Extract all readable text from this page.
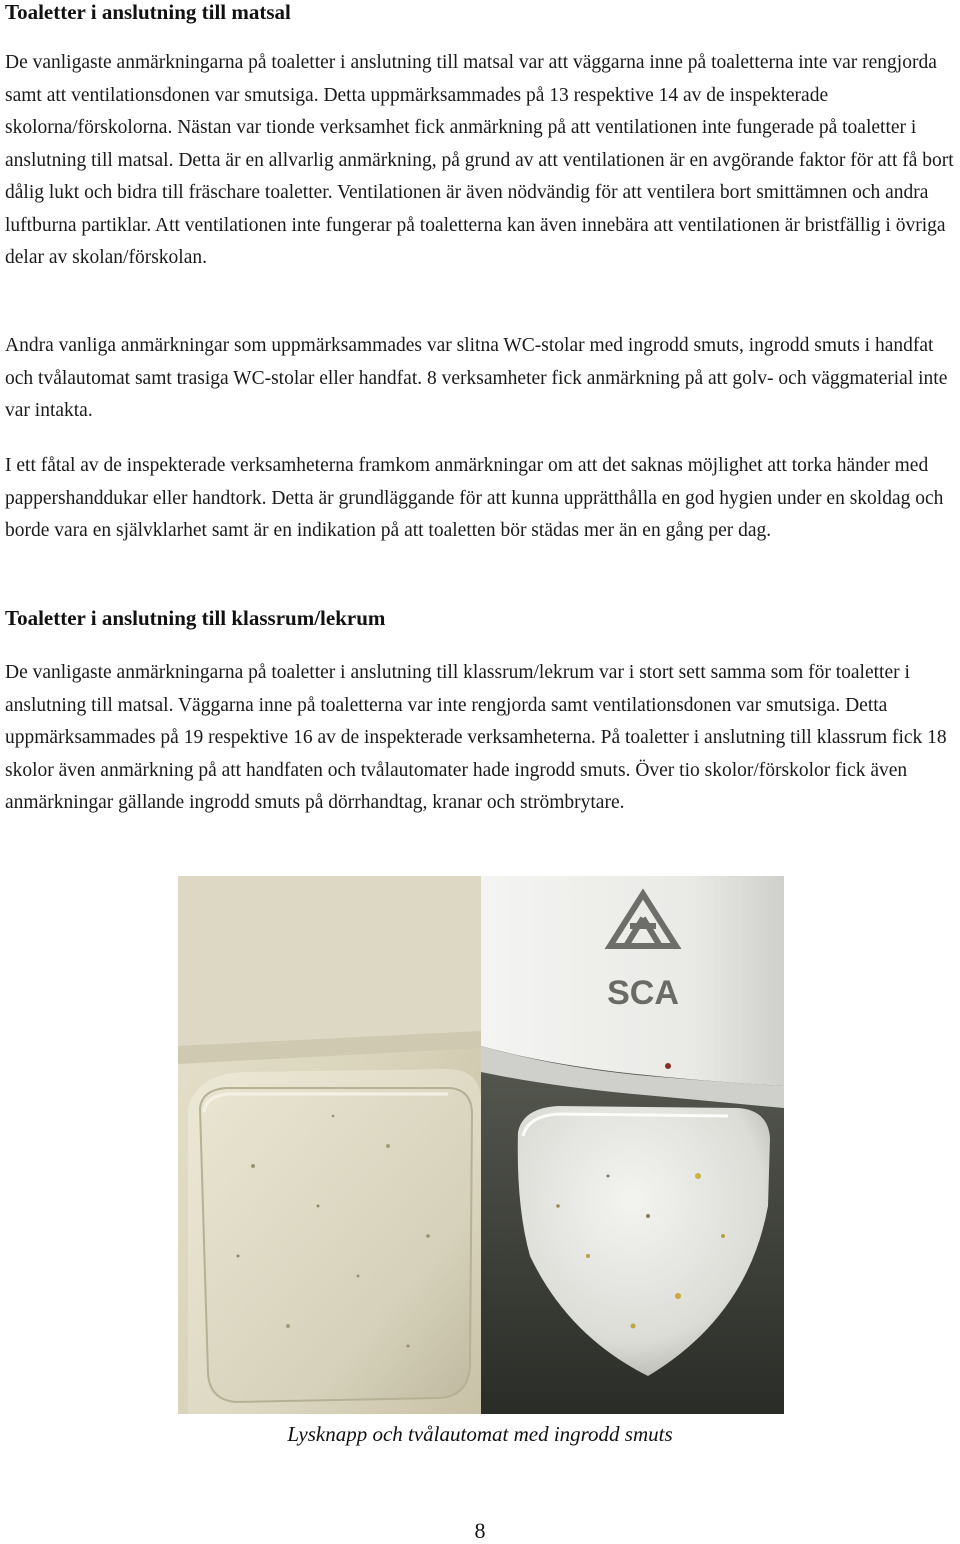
Toaletter i anslutning till matsal

De vanligaste anmärkningarna på toaletter i anslutning till matsal var att väggarna inne på toaletterna inte var rengjorda samt att ventilationsdonen var smutsiga. Detta uppmärksammades på 13 respektive 14 av de inspekterade skolorna/förskolorna. Nästan var tionde verksamhet fick anmärkning på att ventilationen inte fungerade på toaletter i anslutning till matsal. Detta är en allvarlig anmärkning, på grund av att ventilationen är en avgörande faktor för att få bort dålig lukt och bidra till fräschare toaletter. Ventilationen är även nödvändig för att ventilera bort smittämnen och andra luftburna partiklar. Att ventilationen inte fungerar på toaletterna kan även innebära att ventilationen är bristfällig i övriga delar av skolan/förskolan.

Andra vanliga anmärkningar som uppmärksammades var slitna WC-stolar med ingrodd smuts, ingrodd smuts i handfat och tvålautomat samt trasiga WC-stolar eller handfat. 8 verksamheter fick anmärkning på att golv- och väggmaterial inte var intakta.

I ett fåtal av de inspekterade verksamheterna framkom anmärkningar om att det saknas möjlighet att torka händer med pappershanddukar eller handtork. Detta är grundläggande för att kunna upprätthålla en god hygien under en skoldag och borde vara en självklarhet samt är en indikation på att toaletten bör städas mer än en gång per dag.

Toaletter i anslutning till klassrum/lekrum

De vanligaste anmärkningarna på toaletter i anslutning till klassrum/lekrum var i stort sett samma som för toaletter i anslutning till matsal. Väggarna inne på toaletterna var inte rengjorda samt ventilationsdonen var smutsiga. Detta uppmärksammades på 19 respektive 16 av de inspekterade verksamheterna. På toaletter i anslutning till klassrum fick 18 skolor även anmärkning på att handfaten och tvålautomater hade ingrodd smuts. Över tio skolor/förskolor fick även anmärkningar gällande ingrodd smuts på dörrhandtag, kranar och strömbrytare.

SCA
Lysknapp och tvålautomat med ingrodd smuts
8
